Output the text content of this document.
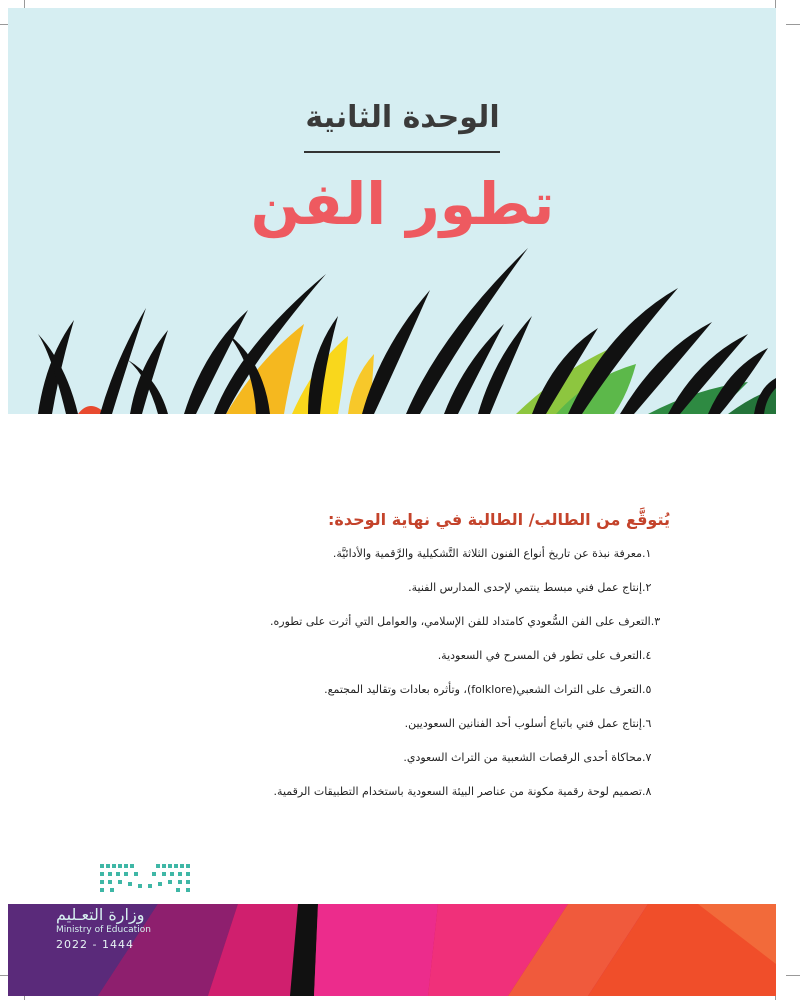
الوحدة الثانية
تطور الفن
يُتوقَّع من الطالب/ الطالبة في نهاية الوحدة:
١.
معرفة نبذة عن تاريخ أنواع الفنون الثلاثة التَّشكيلية والرَّقمية والأدائيَّة.
٢.
إنتاج عمل فني مبسط ينتمي لإحدى المدارس الفنية.
٣.
التعرف على الفن السُّعودي كامتداد للفن الإسلامي، والعوامل التي أثرت على تطوره.
٤.
التعرف على تطور فن المسرح في السعودية.
٥.
التعرف على التراث الشعبي(folklore)، وتأثره بعادات وتقاليد المجتمع.
٦.
إنتاج عمل فني باتباع أسلوب أحد الفنانين السعوديين.
٧.
محاكاة أحدى الرقصات الشعبية من التراث السعودي.
٨.
تصميم لوحة رقمية مكونة من عناصر البيئة السعودية باستخدام التطبيقات الرقمية.
وزارة التعـليم
Ministry of Education
2022 - 1444
